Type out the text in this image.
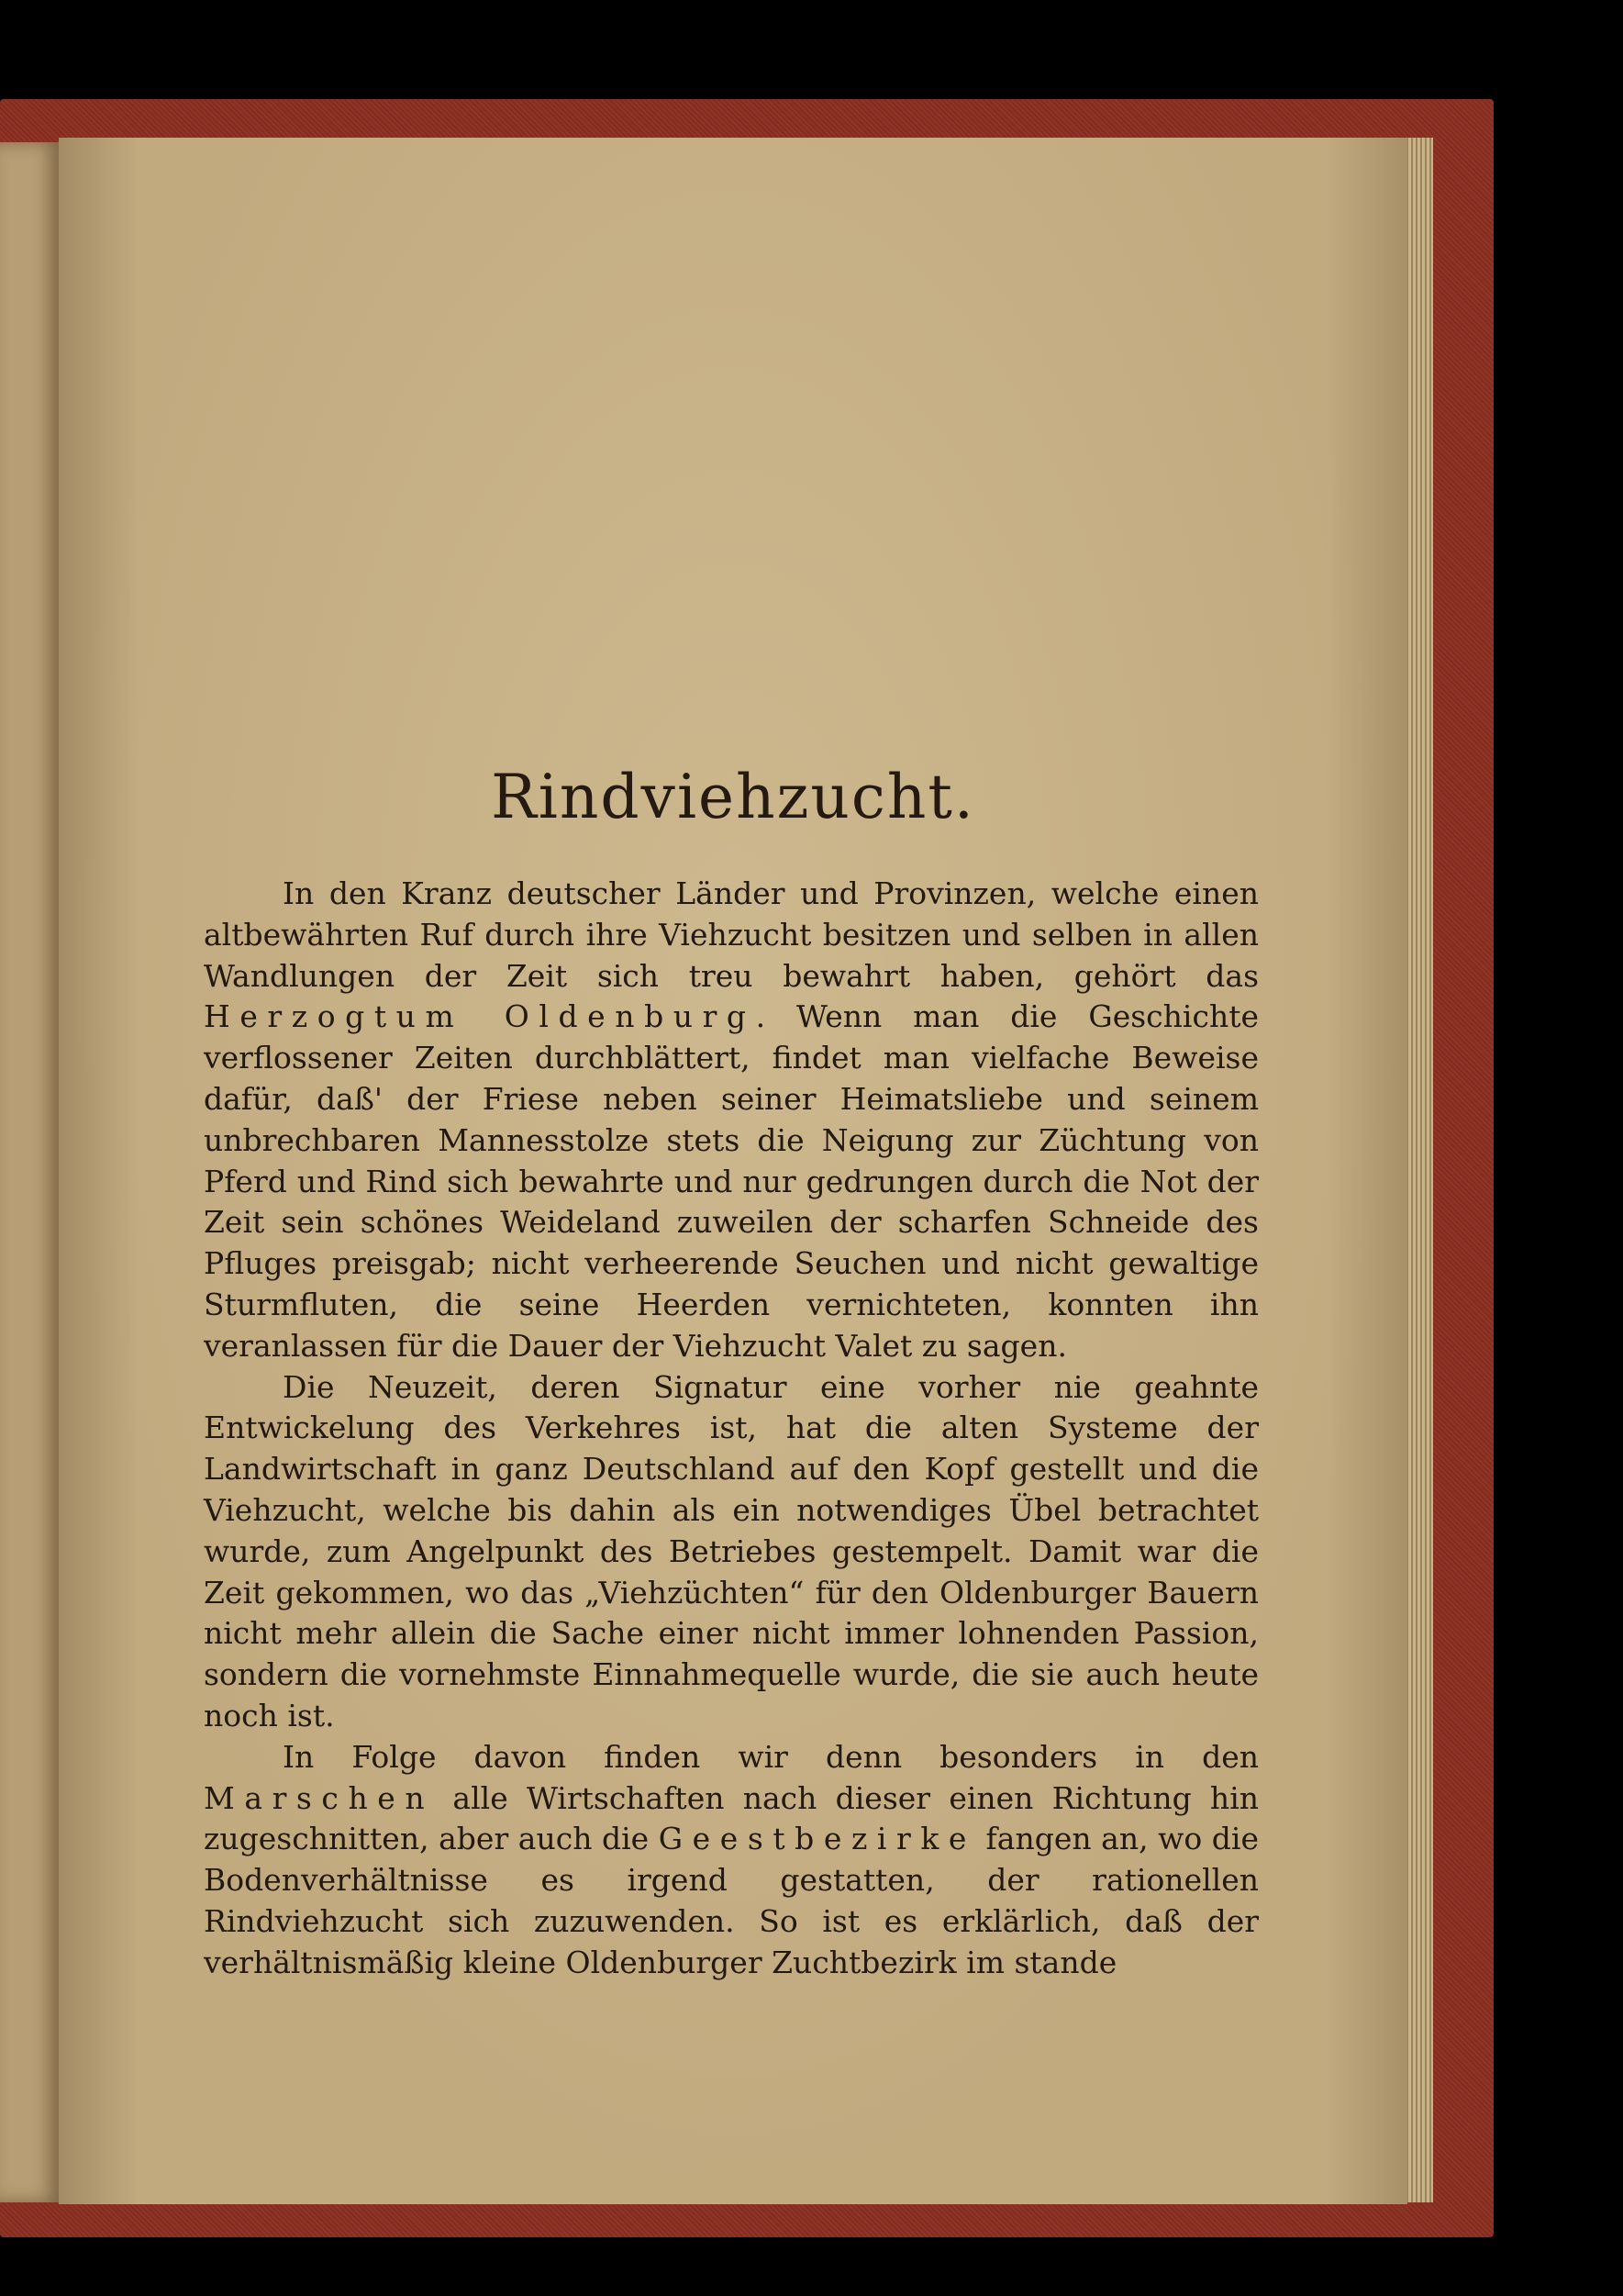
Rindviehzucht.

In den Kranz deutscher Länder und Provinzen, welche einen altbewährten Ruf durch ihre Viehzucht besitzen und selben in allen Wandlungen der Zeit sich treu bewahrt haben, gehört das Herzogtum Oldenburg. Wenn man die Geschichte verflossener Zeiten durchblättert, findet man vielfache Beweise dafür, daß' der Friese neben seiner Heimatsliebe und seinem unbrechbaren Mannesstolze stets die Neigung zur Züchtung von Pferd und Rind sich bewahrte und nur gedrungen durch die Not der Zeit sein schönes Weideland zuweilen der scharfen Schneide des Pfluges preisgab; nicht verheerende Seuchen und nicht gewaltige Sturmfluten, die seine Heerden vernichteten, konnten ihn veranlassen für die Dauer der Viehzucht Valet zu sagen.

Die Neuzeit, deren Signatur eine vorher nie geahnte Entwickelung des Verkehres ist, hat die alten Systeme der Landwirtschaft in ganz Deutschland auf den Kopf gestellt und die Viehzucht, welche bis dahin als ein notwendiges Übel betrachtet wurde, zum Angelpunkt des Betriebes gestempelt. Damit war die Zeit gekommen, wo das „Viehzüchten“ für den Oldenburger Bauern nicht mehr allein die Sache einer nicht immer lohnenden Passion, sondern die vornehmste Einnahmequelle wurde, die sie auch heute noch ist.

In Folge davon finden wir denn besonders in den Marschen alle Wirtschaften nach dieser einen Richtung hin zugeschnitten, aber auch die Geestbezirke fangen an, wo die Bodenverhältnisse es irgend gestatten, der rationellen Rindviehzucht sich zuzuwenden. So ist es erklärlich, daß der verhältnismäßig kleine Oldenburger Zuchtbezirk im stande
